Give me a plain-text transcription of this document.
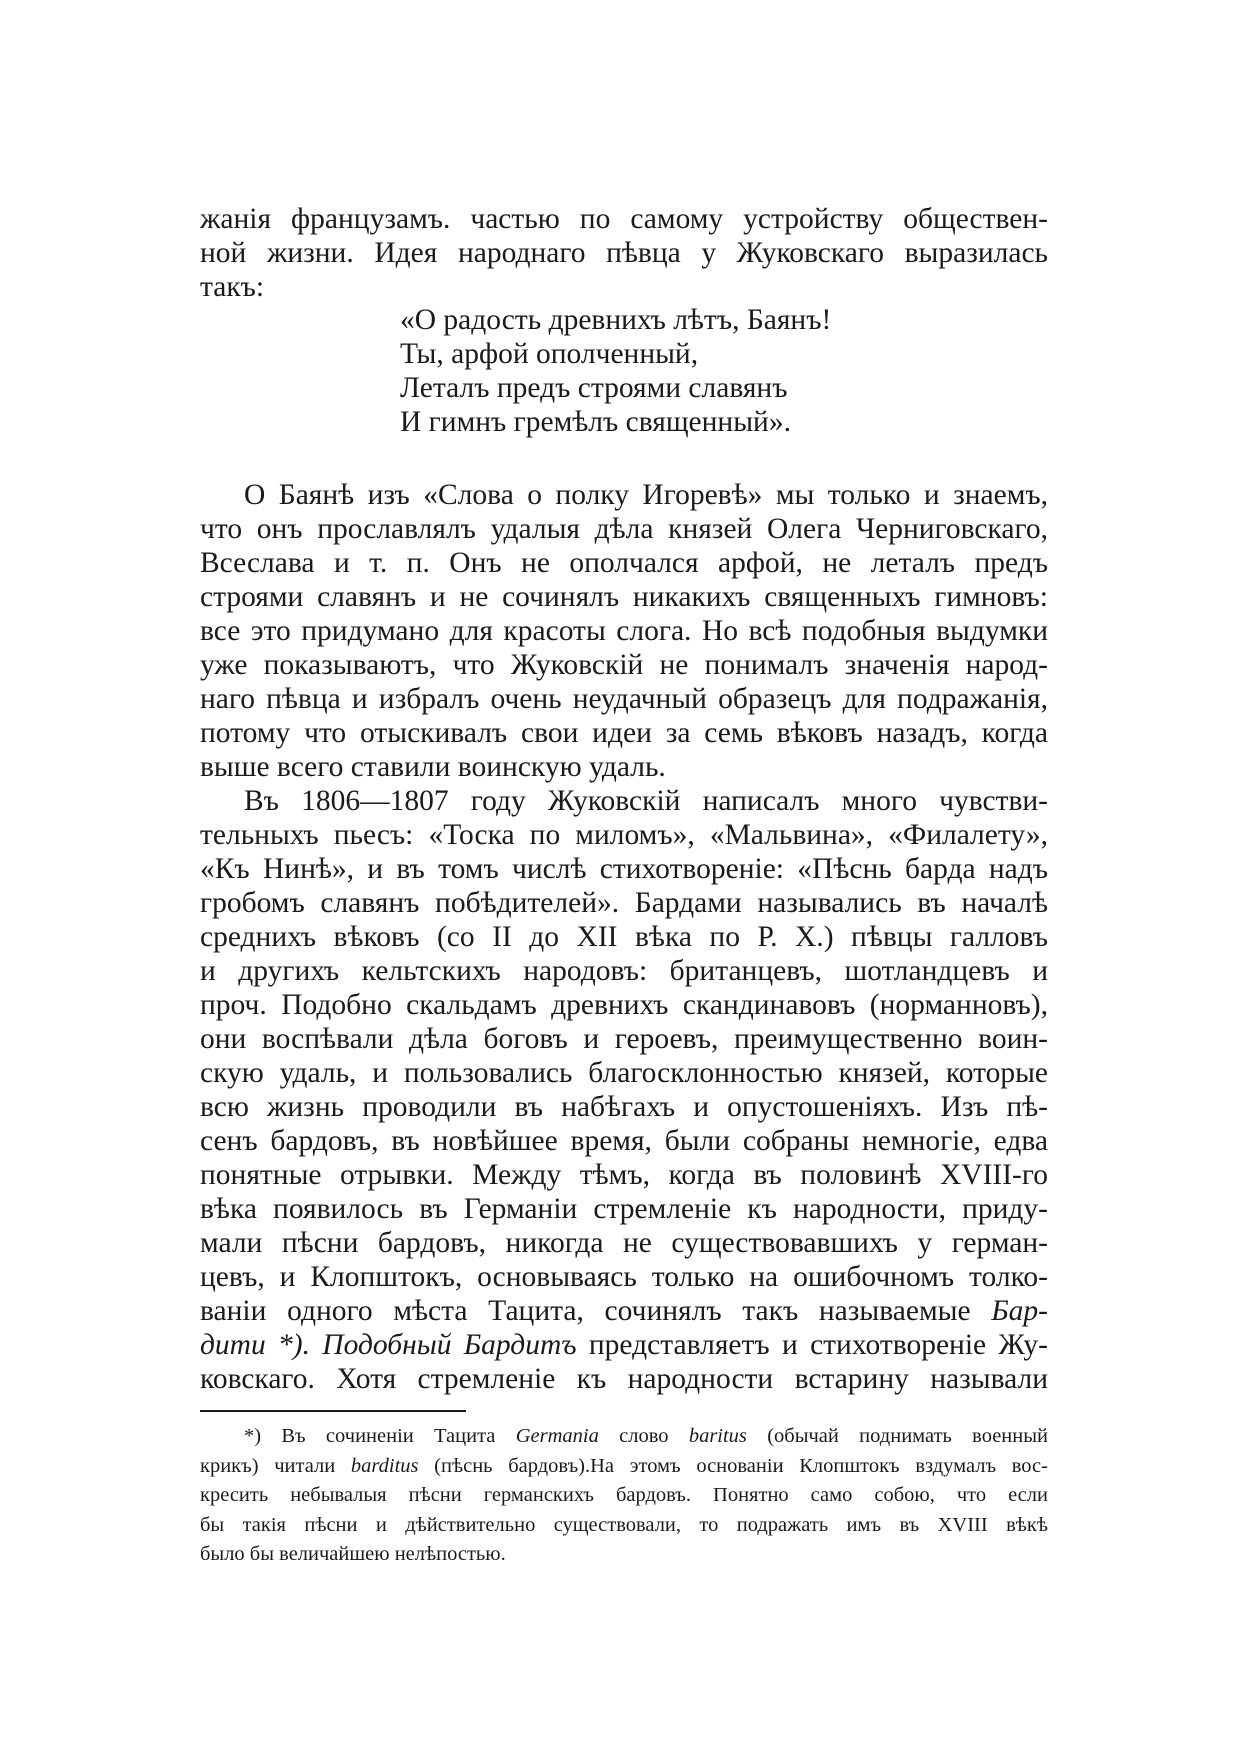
жанія французамъ. частью по самому устройству обществен-
ной жизни. Идея народнаго пѣвца у Жуковскаго выразилась
такъ:
«О радость древнихъ лѣтъ, Баянъ!
Ты, арфой ополченный,
Леталъ предъ строями славянъ
И гимнъ гремѣлъ священный».
О Баянѣ изъ «Слова о полку Игоревѣ» мы только и знаемъ,
что онъ прославлялъ удалыя дѣла князей Олега Черниговскаго,
Всеслава и т. п. Онъ не ополчался арфой, не леталъ предъ
строями славянъ и не сочинялъ никакихъ священныхъ гимновъ:
все это придумано для красоты слога. Но всѣ подобныя выдумки
уже показываютъ, что Жуковскій не понималъ значенія народ-
наго пѣвца и избралъ очень неудачный образецъ для подражанія,
потому что отыскивалъ свои идеи за семь вѣковъ назадъ, когда
выше всего ставили воинскую удаль.
Въ 1806—1807 году Жуковскій написалъ много чувстви-
тельныхъ пьесъ: «Тоска по миломъ», «Мальвина», «Филалету»,
«Къ Нинѣ», и въ томъ числѣ стихотвореніе: «Пѣснь барда надъ
гробомъ славянъ побѣдителей». Бардами назывались въ началѣ
среднихъ вѣковъ (со II до XII вѣка по Р. Х.) пѣвцы галловъ
и другихъ кельтскихъ народовъ: британцевъ, шотландцевъ и
проч. Подобно скальдамъ древнихъ скандинавовъ (норманновъ),
они воспѣвали дѣла боговъ и героевъ, преимущественно воин-
скую удаль, и пользовались благосклонностью князей, которые
всю жизнь проводили въ набѣгахъ и опустошеніяхъ. Изъ пѣ-
сенъ бардовъ, въ новѣйшее время, были собраны немногіе, едва
понятные отрывки. Между тѣмъ, когда въ половинѣ XVIII-го
вѣка появилось въ Германіи стремленіе къ народности, приду-
мали пѣсни бардовъ, никогда не существовавшихъ у герман-
цевъ, и Клопштокъ, основываясь только на ошибочномъ толко-
ваніи одного мѣста Тацита, сочинялъ такъ называемые Бар-
дити *). Подобный Бардитъ представляетъ и стихотвореніе Жу-
ковскаго. Хотя стремленіе къ народности встарину называли
*) Въ сочиненіи Тацита Germania слово baritus (обычай поднимать военный
крикъ) читали barditus (пѣснь бардовъ).На этомъ основаніи Клопштокъ вздумалъ вос-
кресить небывалыя пѣсни германскихъ бардовъ. Понятно само собою, что если
бы такія пѣсни и дѣйствительно существовали, то подражать имъ въ XVIII вѣкѣ
было бы величайшею нелѣпостью.
